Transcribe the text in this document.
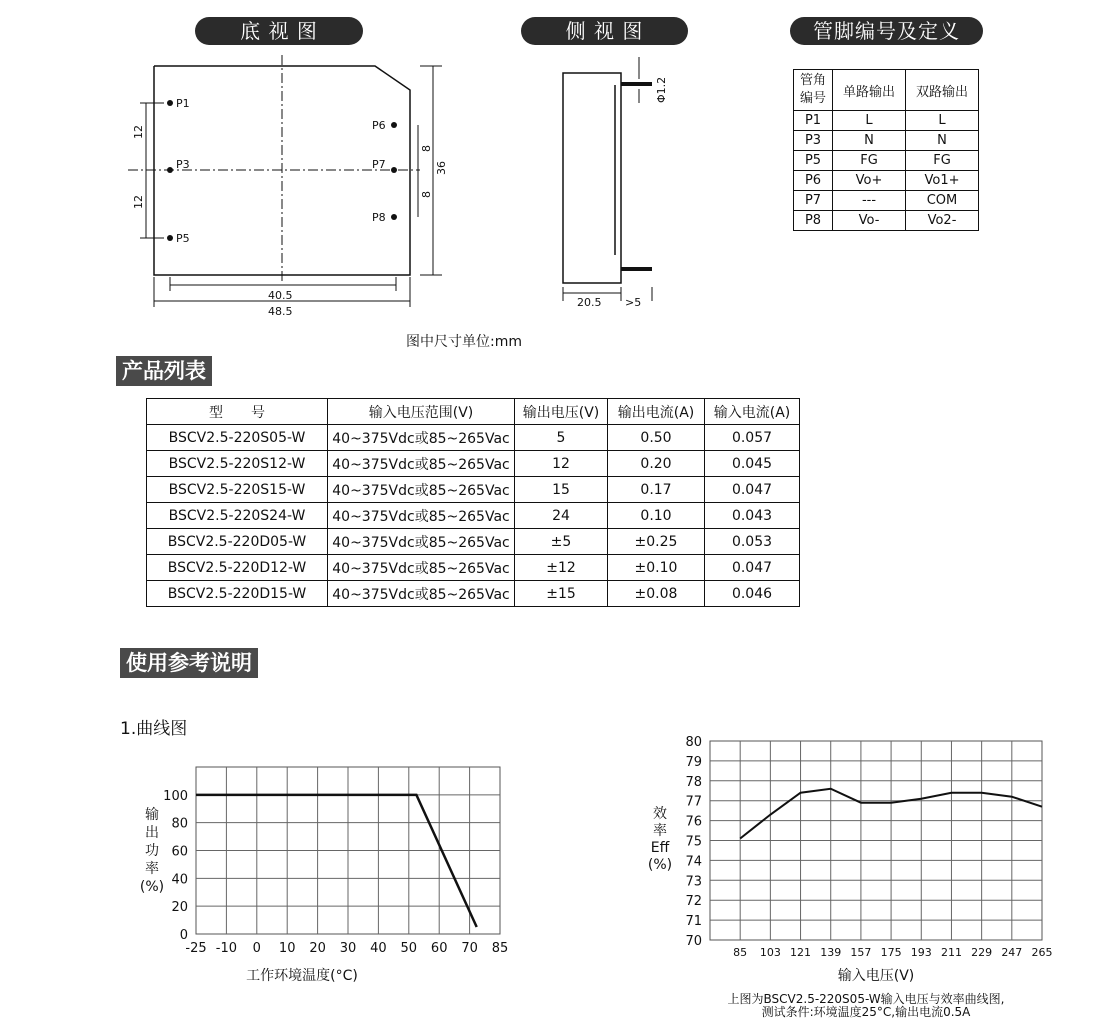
底 视 图	侧 视 图	管脚编号及定义
P1
P3
P5
P6
P7
P8
12
12
8
8
36
40.5
48.5
Φ1.2
20.5 >5
图中尺寸单位:mm
管角编号	单路输出	双路输出
P1	L	L
P3	N	N
P5	FG	FG
P6	Vo+	Vo1+
P7	---	COM
P8	Vo-	Vo2-
产品列表
型　　号	输入电压范围(V)	输出电压(V)	输出电流(A)	输入电流(A)
BSCV2.5-220S05-W	40~375Vdc或85~265Vac	5	0.50	0.057
BSCV2.5-220S12-W	40~375Vdc或85~265Vac	12	0.20	0.045
BSCV2.5-220S15-W	40~375Vdc或85~265Vac	15	0.17	0.047
BSCV2.5-220S24-W	40~375Vdc或85~265Vac	24	0.10	0.043
BSCV2.5-220D05-W	40~375Vdc或85~265Vac	±5	±0.25	0.053
BSCV2.5-220D12-W	40~375Vdc或85~265Vac	±12	±0.10	0.047
BSCV2.5-220D15-W	40~375Vdc或85~265Vac	±15	±0.08	0.046
使用参考说明
1.曲线图
-25 -10 0 10 20 30 40 50 60 70 85
0
20
40
60
80
100
输
出
功
率
(%)
工作环境温度(°C)
85 103 121 139 157 175 193 211 229 247 265
70
71
72
73
74
75
76
77
78
79
80
效
率
Eff
(%)
输入电压(V)
上图为BSCV2.5-220S05-W输入电压与效率曲线图,
测试条件:环境温度25°C,输出电流0.5A
